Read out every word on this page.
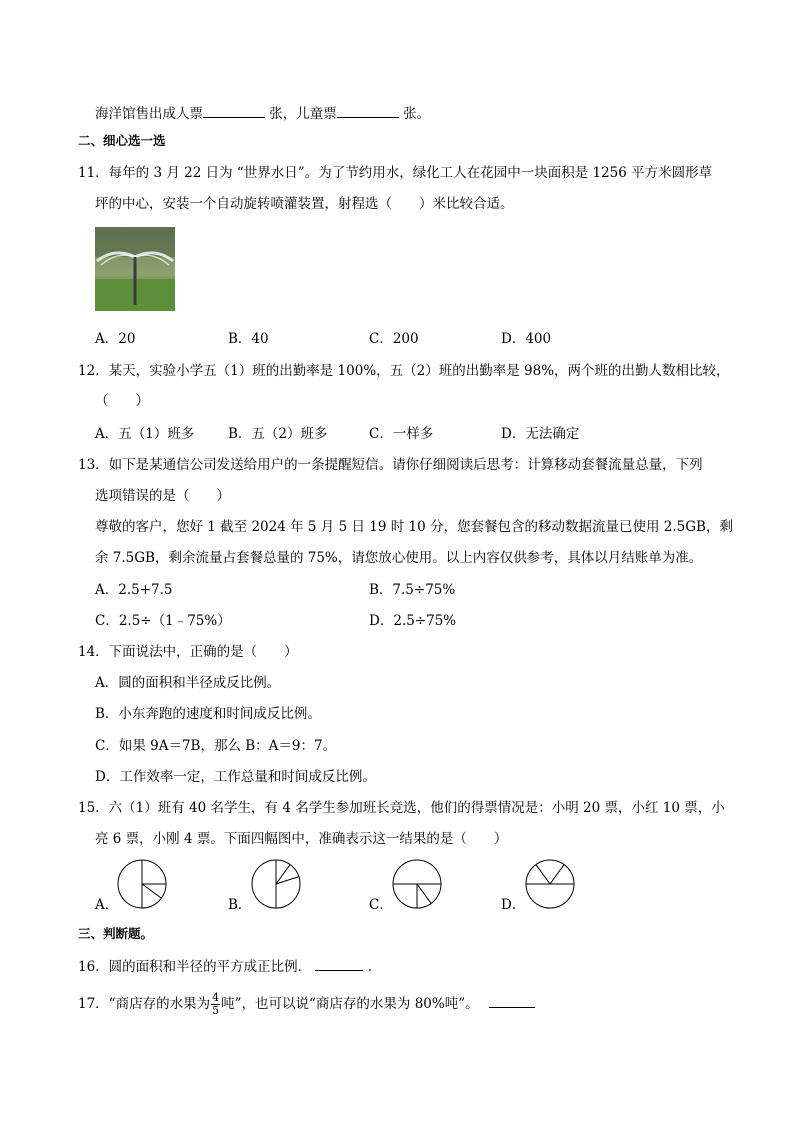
海洋馆售出成人票	张，儿童票	张。
二、细心选一选
11．每年的 3 月 22 日为 “世界水日”。为了节约用水，绿化工人在花园中一块面积是 1256 平方米圆形草
坪的中心，安装一个自动旋转喷灌装置，射程选（　　）米比较合适。
A．20	B．40	C．200	D．400
12．某天，实验小学五（1）班的出勤率是 100%，五（2）班的出勤率是 98%，两个班的出勤人数相比较，
（　　）
A．五（1）班多 B．五（2）班多	C．一样多	D．无法确定
13．如下是某通信公司发送给用户的一条提醒短信。请你仔细阅读后思考：计算移动套餐流量总量，下列
选项错误的是（　　）
尊敬的客户，您好 1 截至 2024 年 5 月 5 日 19 时 10 分，您套餐包含的移动数据流量已使用 2.5GB，剩
余 7.5GB，剩余流量占套餐总量的 75%，请您放心使用。以上内容仅供参考，具体以月结账单为准。
A．2.5+7.5	B．7.5÷75%
C．2.5÷（1﹣75%）	D．2.5÷75%
14．下面说法中，正确的是（　　）
A．圆的面积和半径成反比例。
B．小东奔跑的速度和时间成反比例。
C．如果 9A＝7B，那么 B：A＝9：7。
D．工作效率一定，工作总量和时间成反比例。
15．六（1）班有 40 名学生，有 4 名学生参加班长竞选，他们的得票情况是：小明 20 票，小红 10 票，小
亮 6 票，小刚 4 票。下面四幅图中，准确表示这一结果的是（　　）
A．	B．	C．	D．
三、判断题。
16．圆的面积和半径的平方成正比例．	．
17．“商店存的水果为 $\frac{4}{5}$ 吨”，也可以说“商店存的水果为 80%吨”。
